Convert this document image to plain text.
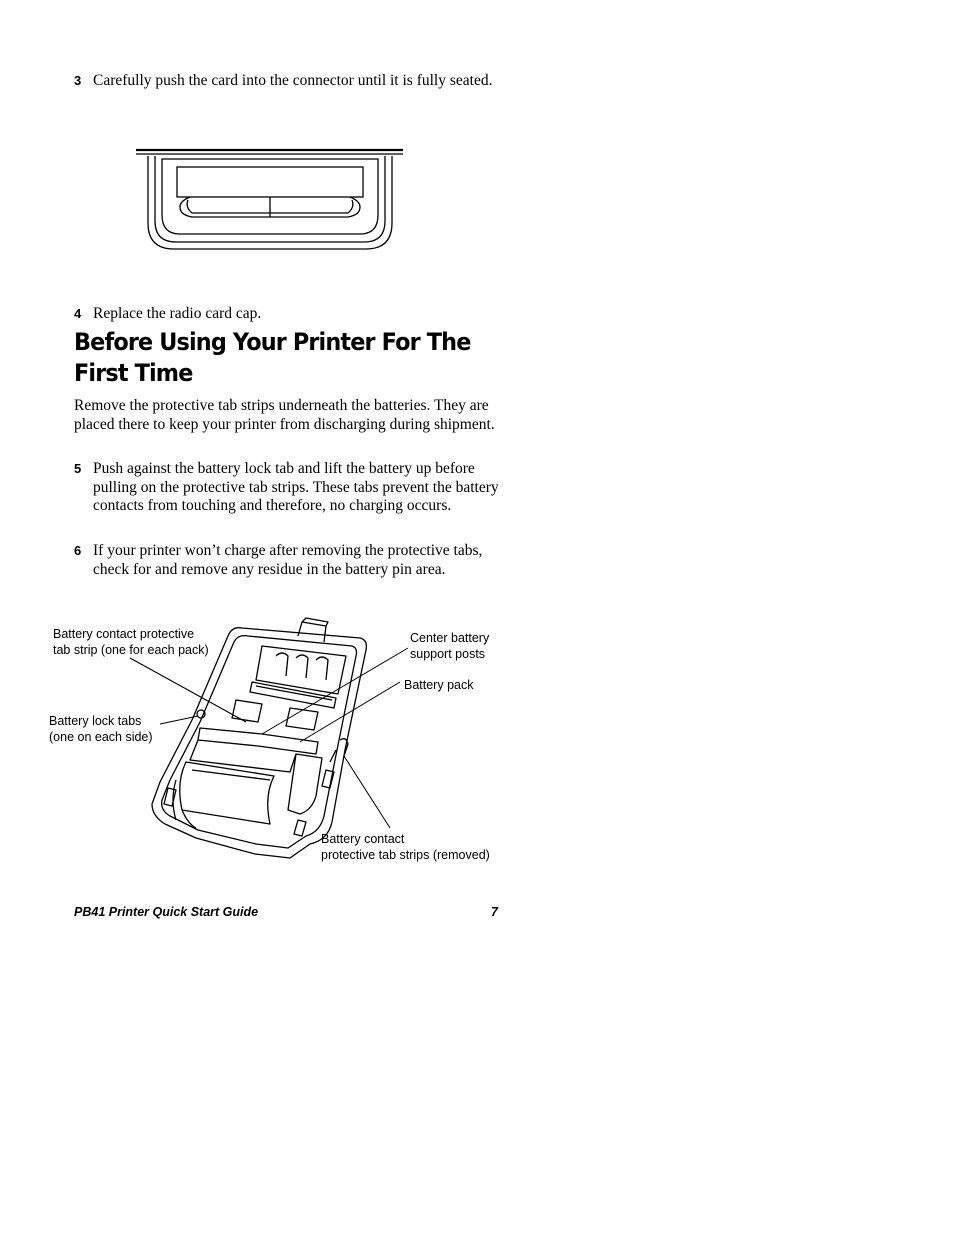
3 Carefully push the card into the connector until it is fully seated.
4 Replace the radio card cap.
Before Using Your Printer For The First Time

Remove the protective tab strips underneath the batteries. They are placed there to keep your printer from discharging during shipment.

5 Push against the battery lock tab and lift the battery up before pulling on the protective tab strips. These tabs prevent the battery contacts from touching and therefore, no charging occurs.
6 If your printer won’t charge after removing the protective tabs, check for and remove any residue in the battery pin area.
Battery contact protective
tab strip (one for each pack)
Battery lock tabs
(one on each side)
Center battery
support posts
Battery pack
Battery contact
protective tab strips (removed)
PB41 Printer Quick Start Guide	7
